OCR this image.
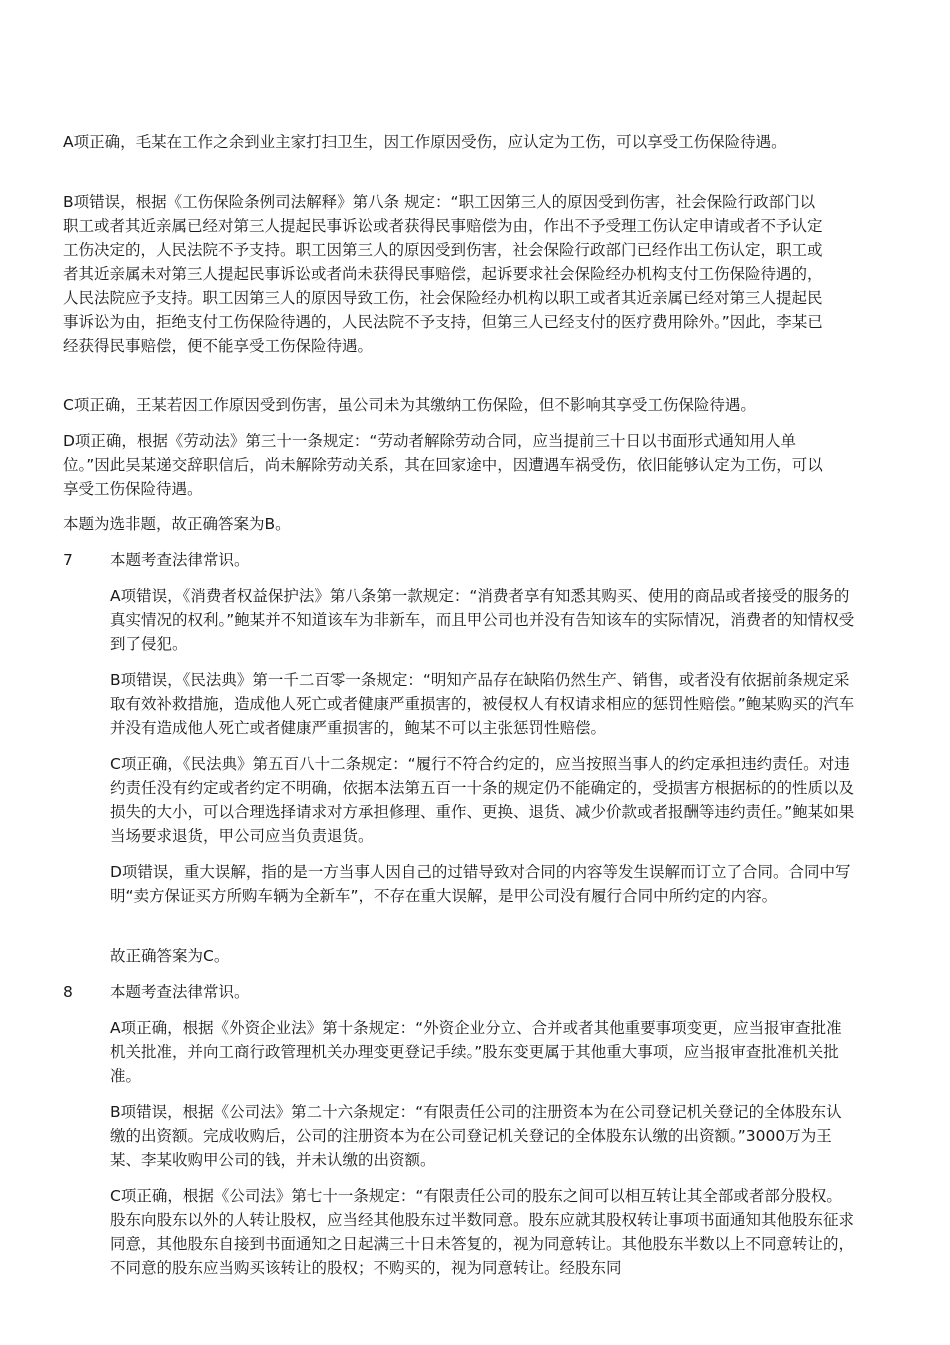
A项正确，毛某在工作之余到业主家打扫卫生，因工作原因受伤，应认定为工伤，可以享受工伤保险待遇。

B项错误，根据《工伤保险条例司法解释》第八条 规定：“职工因第三人的原因受到伤害，社会保险行政部门以职工或者其近亲属已经对第三人提起民事诉讼或者获得民事赔偿为由，作出不予受理工伤认定申请或者不予认定工伤决定的，人民法院不予支持。职工因第三人的原因受到伤害，社会保险行政部门已经作出工伤认定，职工或者其近亲属未对第三人提起民事诉讼或者尚未获得民事赔偿，起诉要求社会保险经办机构支付工伤保险待遇的，人民法院应予支持。职工因第三人的原因导致工伤，社会保险经办机构以职工或者其近亲属已经对第三人提起民事诉讼为由，拒绝支付工伤保险待遇的，人民法院不予支持，但第三人已经支付的医疗费用除外。”因此，李某已经获得民事赔偿，便不能享受工伤保险待遇。

C项正确，王某若因工作原因受到伤害，虽公司未为其缴纳工伤保险，但不影响其享受工伤保险待遇。

D项正确，根据《劳动法》第三十一条规定：“劳动者解除劳动合同，应当提前三十日以书面形式通知用人单位。”因此吴某递交辞职信后，尚未解除劳动关系，其在回家途中，因遭遇车祸受伤，依旧能够认定为工伤，可以享受工伤保险待遇。

本题为选非题，故正确答案为B。

7 本题考查法律常识。

A项错误，《消费者权益保护法》第八条第一款规定：“消费者享有知悉其购买、使用的商品或者接受的服务的真实情况的权利。”鲍某并不知道该车为非新车，而且甲公司也并没有告知该车的实际情况，消费者的知情权受到了侵犯。

B项错误，《民法典》第一千二百零一条规定：“明知产品存在缺陷仍然生产、销售，或者没有依据前条规定采取有效补救措施，造成他人死亡或者健康严重损害的，被侵权人有权请求相应的惩罚性赔偿。”鲍某购买的汽车并没有造成他人死亡或者健康严重损害的，鲍某不可以主张惩罚性赔偿。

C项正确，《民法典》第五百八十二条规定：“履行不符合约定的，应当按照当事人的约定承担违约责任。对违约责任没有约定或者约定不明确，依据本法第五百一十条的规定仍不能确定的，受损害方根据标的的性质以及损失的大小，可以合理选择请求对方承担修理、重作、更换、退货、减少价款或者报酬等违约责任。”鲍某如果当场要求退货，甲公司应当负责退货。

D项错误，重大误解，指的是一方当事人因自己的过错导致对合同的内容等发生误解而订立了合同。合同中写明“卖方保证买方所购车辆为全新车”，不存在重大误解，是甲公司没有履行合同中所约定的内容。

故正确答案为C。

8 本题考查法律常识。

A项正确，根据《外资企业法》第十条规定：“外资企业分立、合并或者其他重要事项变更，应当报审查批准机关批准，并向工商行政管理机关办理变更登记手续。”股东变更属于其他重大事项，应当报审查批准机关批准。

B项错误，根据《公司法》第二十六条规定：“有限责任公司的注册资本为在公司登记机关登记的全体股东认缴的出资额。完成收购后，公司的注册资本为在公司登记机关登记的全体股东认缴的出资额。”3000万为王某、李某收购甲公司的钱，并未认缴的出资额。

C项正确，根据《公司法》第七十一条规定：“有限责任公司的股东之间可以相互转让其全部或者部分股权。股东向股东以外的人转让股权，应当经其他股东过半数同意。股东应就其股权转让事项书面通知其他股东征求同意，其他股东自接到书面通知之日起满三十日未答复的，视为同意转让。其他股东半数以上不同意转让的，不同意的股东应当购买该转让的股权；不购买的，视为同意转让。经股东同
